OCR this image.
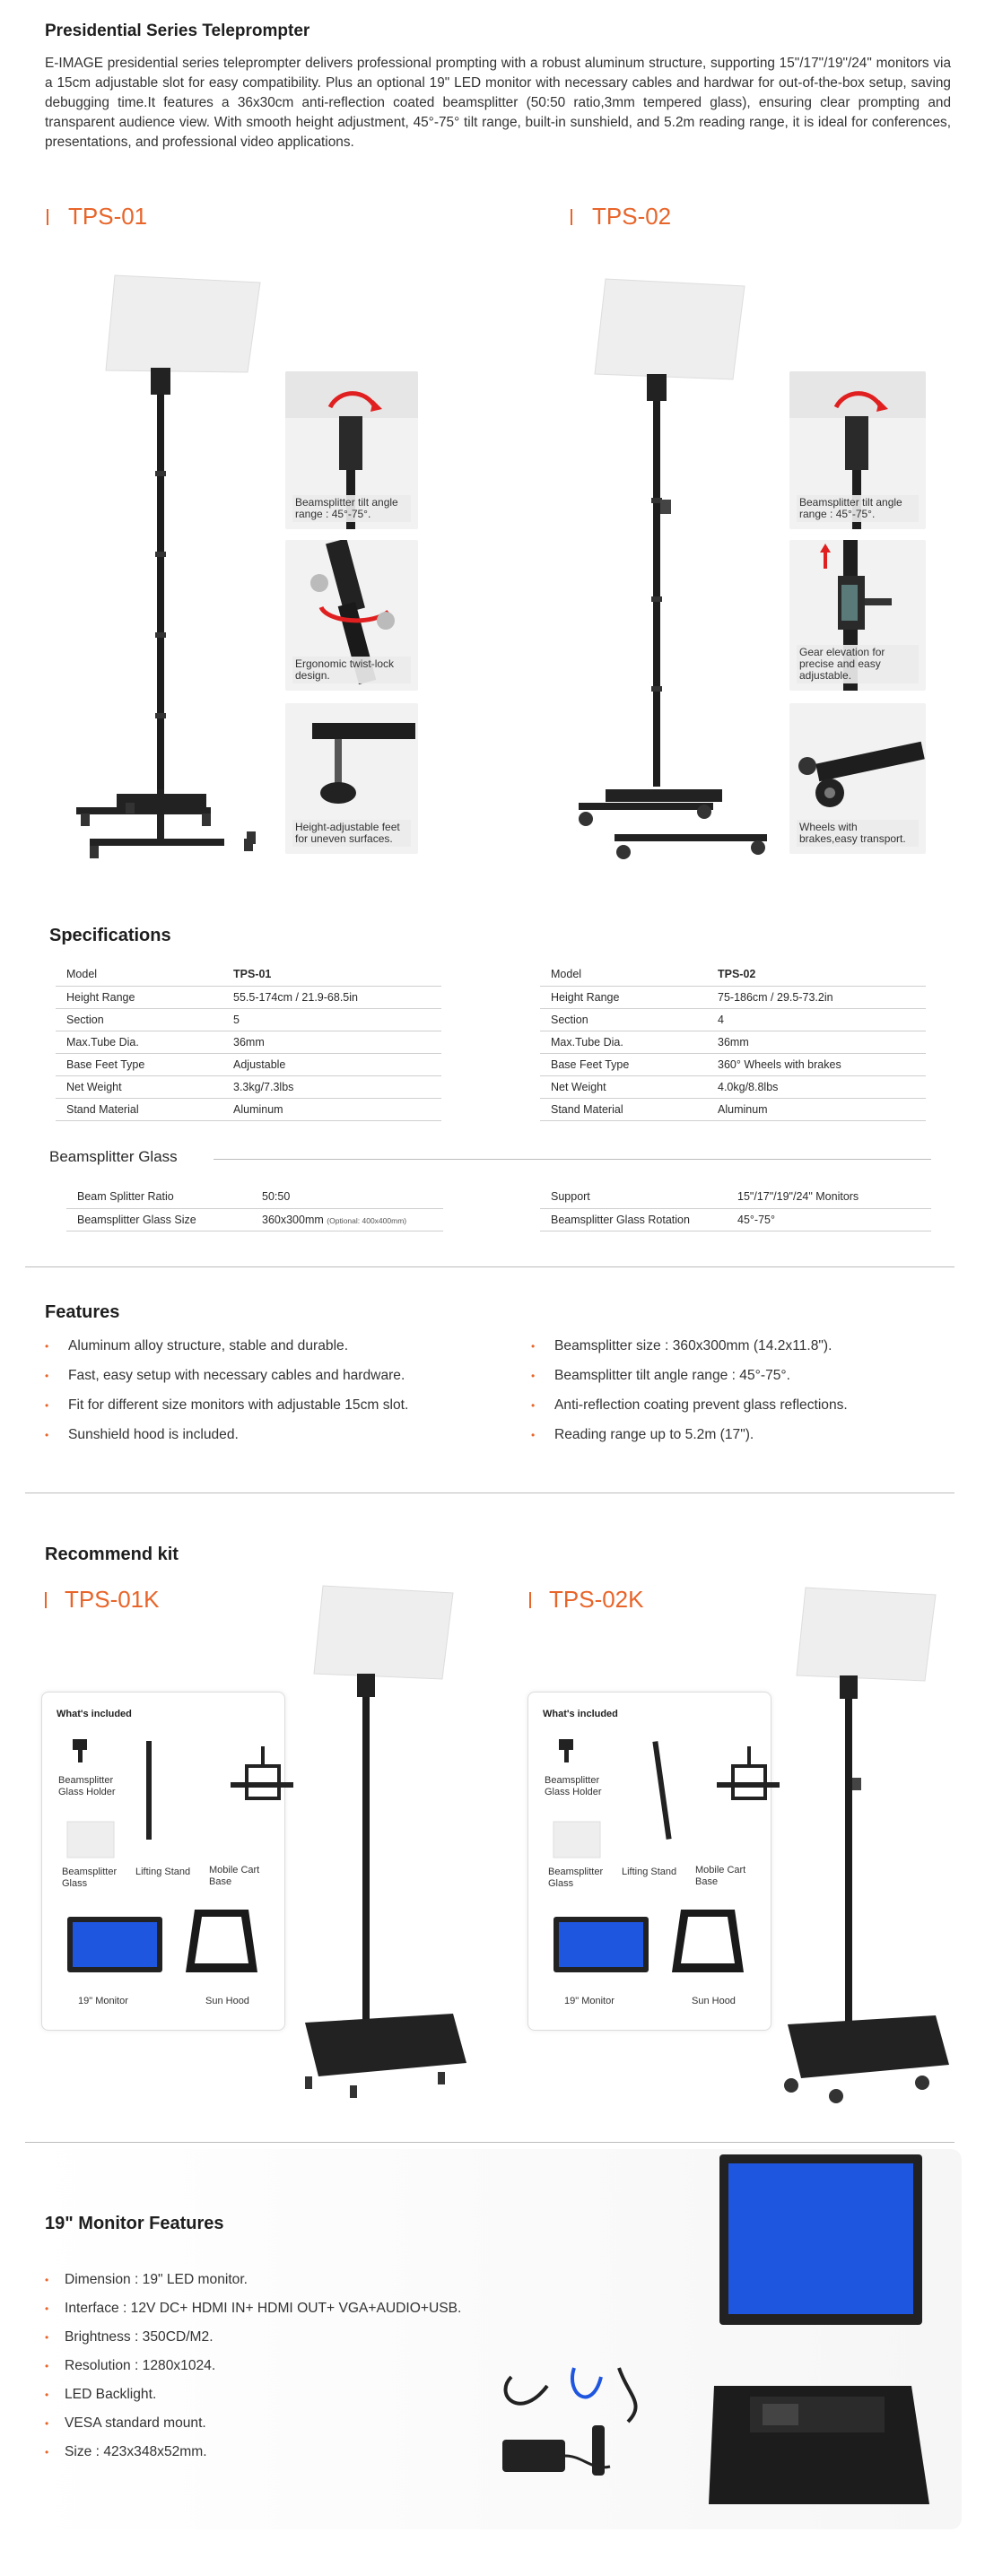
Presidential Series Teleprompter

E-IMAGE presidential series teleprompter delivers professional prompting with a robust aluminum structure, supporting 15"/17"/19"/24" monitors via a 15cm adjustable slot for easy compatibility. Plus an optional 19" LED monitor with necessary cables and hardwar for out-of-the-box setup, saving debugging time.It features a 36x30cm anti-reflection coated beamsplitter (50:50 ratio,3mm tempered glass), ensuring clear prompting and transparent audience view. With smooth height adjustment, 45°-75° tilt range, built-in sunshield, and 5.2m reading range, it is ideal for conferences, presentations, and professional video applications.

TPS-01	TPS-02
Beamsplitter tilt angle range : 45°-75°.
Ergonomic twist-lock design.
Height-adjustable feet for uneven surfaces.
Beamsplitter tilt angle range : 45°-75°.
Gear elevation for precise and easy adjustable.
Wheels with brakes,easy transport.
Specifications
Model	TPS-01
Height Range	55.5-174cm / 21.9-68.5in
Section	5
Max.Tube Dia.	36mm
Base Feet Type	Adjustable
Net Weight	3.3kg/7.3lbs
Stand Material	Aluminum
Model	TPS-02
Height Range	75-186cm / 29.5-73.2in
Section	4
Max.Tube Dia.	36mm
Base Feet Type	360° Wheels with brakes
Net Weight	4.0kg/8.8lbs
Stand Material	Aluminum
Beamsplitter Glass
Beam Splitter Ratio	50:50
Beamsplitter Glass Size	360x300mm (Optional: 400x400mm)
Support	15"/17"/19"/24" Monitors
Beamsplitter Glass Rotation	45°-75°
Features
•	Aluminum alloy structure, stable and durable.
•	Fast, easy setup with necessary cables and hardware.
•	Fit for different size monitors with adjustable 15cm slot.
•	Sunshield hood is included.
•	Beamsplitter size : 360x300mm (14.2x11.8").
•	Beamsplitter tilt angle range : 45°-75°.
•	Anti-reflection coating prevent glass reflections.
•	Reading range up to 5.2m (17").
Recommend kit
TPS-01K	TPS-02K
What's included
Beamsplitter Glass Holder
Beamsplitter Glass
Lifting Stand	Mobile Cart Base
19" Monitor	Sun Hood
What's included
Beamsplitter Glass Holder
Beamsplitter Glass
Lifting Stand	Mobile Cart Base
19" Monitor	Sun Hood
19" Monitor Features
•	Dimension : 19" LED monitor.
•	Interface : 12V DC+ HDMI IN+ HDMI OUT+ VGA+AUDIO+USB.
•	Brightness : 350CD/M2.
•	Resolution : 1280x1024.
•	LED Backlight.
•	VESA standard mount.
•	Size : 423x348x52mm.
